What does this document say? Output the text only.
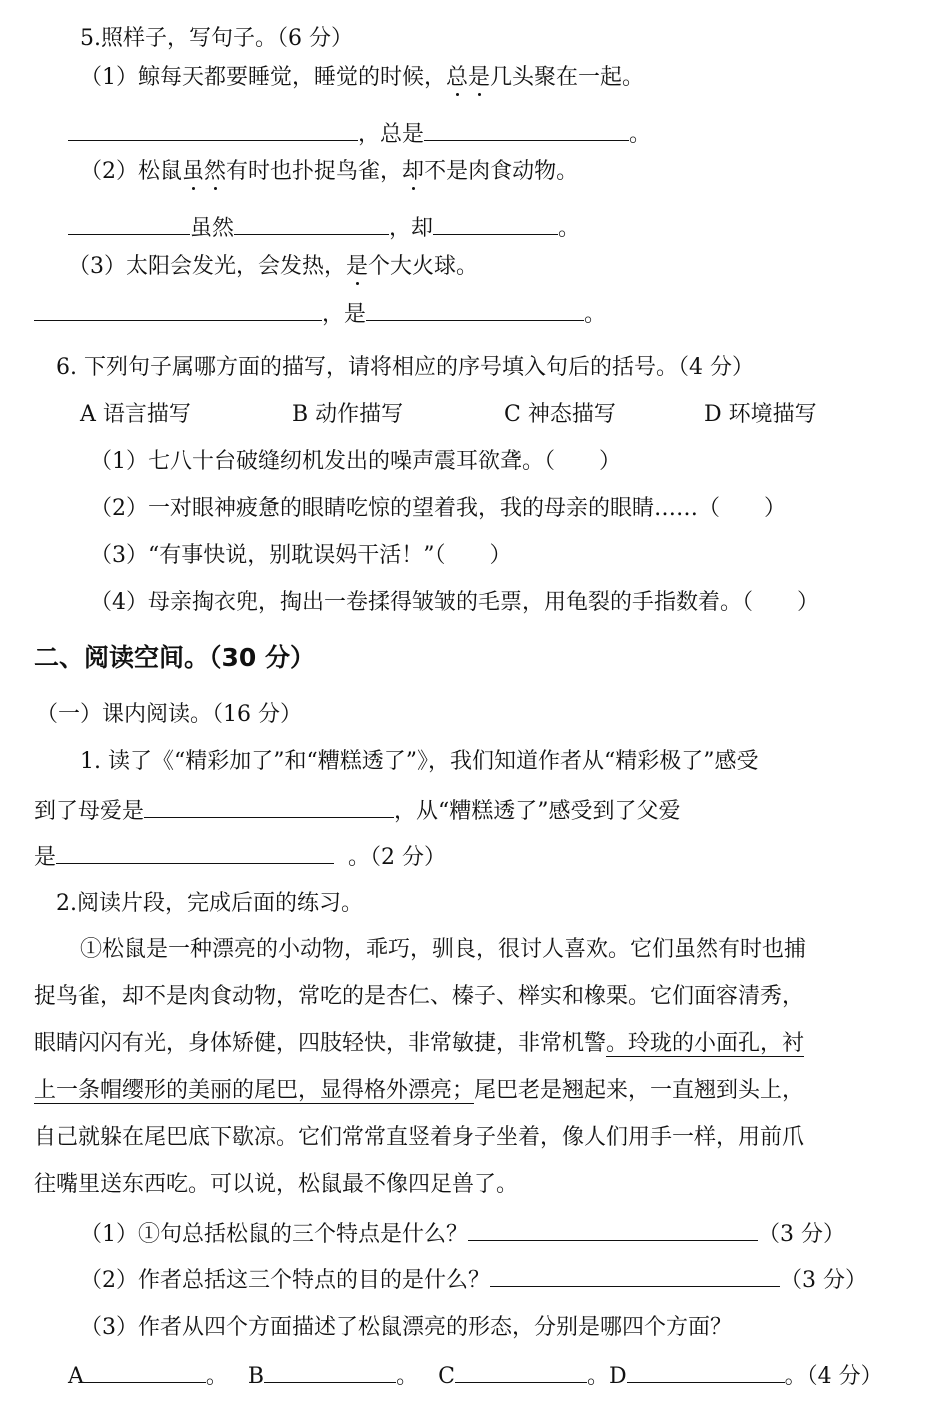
5.照样子，写句子。（6 分）
（1）鲸每天都要睡觉，睡觉的时候，总是几头聚在一起。
，总是	。
（2）松鼠虽然有时也扑捉鸟雀，却不是肉食动物。
虽然	，却	。
（3）太阳会发光，会发热，是个大火球。
，是	。
6. 下列句子属哪方面的描写，请将相应的序号填入句后的括号。（4 分）
A 语言描写	B 动作描写	C 神态描写	D 环境描写
（1）七八十台破缝纫机发出的噪声震耳欲聋。（　　）
（2）一对眼神疲惫的眼睛吃惊的望着我，我的母亲的眼睛……（　　）
（3）“有事快说，别耽误妈干活！”（　　）
（4）母亲掏衣兜，掏出一卷揉得皱皱的毛票，用龟裂的手指数着。（　　）
二、阅读空间。（30 分）
（一）课内阅读。（16 分）
1. 读了《“精彩加了”和“糟糕透了”》，我们知道作者从“精彩极了”感受
到了母爱是	，从“糟糕透了”感受到了父爱
是	。（2 分）
2.阅读片段，完成后面的练习。
①松鼠是一种漂亮的小动物，乖巧，驯良，很讨人喜欢。它们虽然有时也捕
捉鸟雀，却不是肉食动物，常吃的是杏仁、榛子、榉实和橡栗。它们面容清秀，
眼睛闪闪有光，身体矫健，四肢轻快，非常敏捷，非常机警。玲珑的小面孔，衬
上一条帽缨形的美丽的尾巴，显得格外漂亮；尾巴老是翘起来，一直翘到头上，
自己就躲在尾巴底下歇凉。它们常常直竖着身子坐着，像人们用手一样，用前爪
往嘴里送东西吃。可以说，松鼠最不像四足兽了。
（1）①句总括松鼠的三个特点是什么？	（3 分）
（2）作者总括这三个特点的目的是什么？	（3 分）
（3）作者从四个方面描述了松鼠漂亮的形态，分别是哪四个方面？
A	。 B	。 C	。D	。（4 分）
